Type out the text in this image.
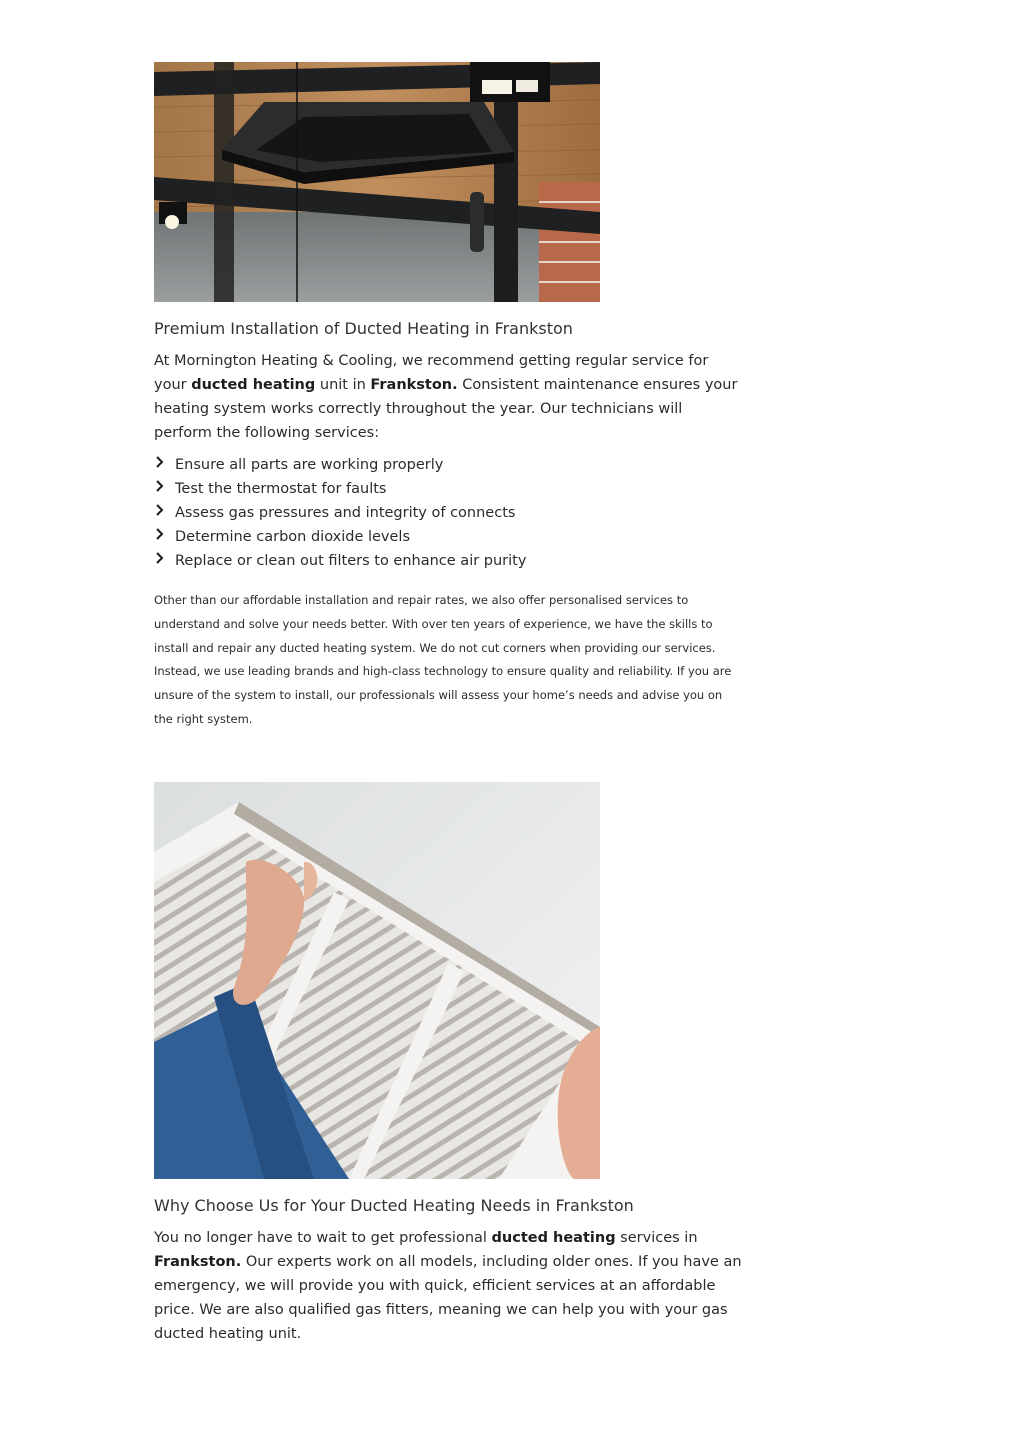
Premium Installation of Ducted Heating in Frankston

At Mornington Heating & Cooling, we recommend getting regular service for your ducted heating unit in Frankston. Consistent maintenance ensures your heating system works correctly throughout the year. Our technicians will perform the following services:

Ensure all parts are working properly
Test the thermostat for faults
Assess gas pressures and integrity of connects
Determine carbon dioxide levels
Replace or clean out filters to enhance air purity

Other than our affordable installation and repair rates, we also offer personalised services to understand and solve your needs better. With over ten years of experience, we have the skills to install and repair any ducted heating system. We do not cut corners when providing our services. Instead, we use leading brands and high-class technology to ensure quality and reliability. If you are unsure of the system to install, our professionals will assess your home’s needs and advise you on the right system.

Why Choose Us for Your Ducted Heating Needs in Frankston

You no longer have to wait to get professional ducted heating services in Frankston. Our experts work on all models, including older ones. If you have an emergency, we will provide you with quick, efficient services at an affordable price. We are also qualified gas fitters, meaning we can help you with your gas ducted heating unit.
